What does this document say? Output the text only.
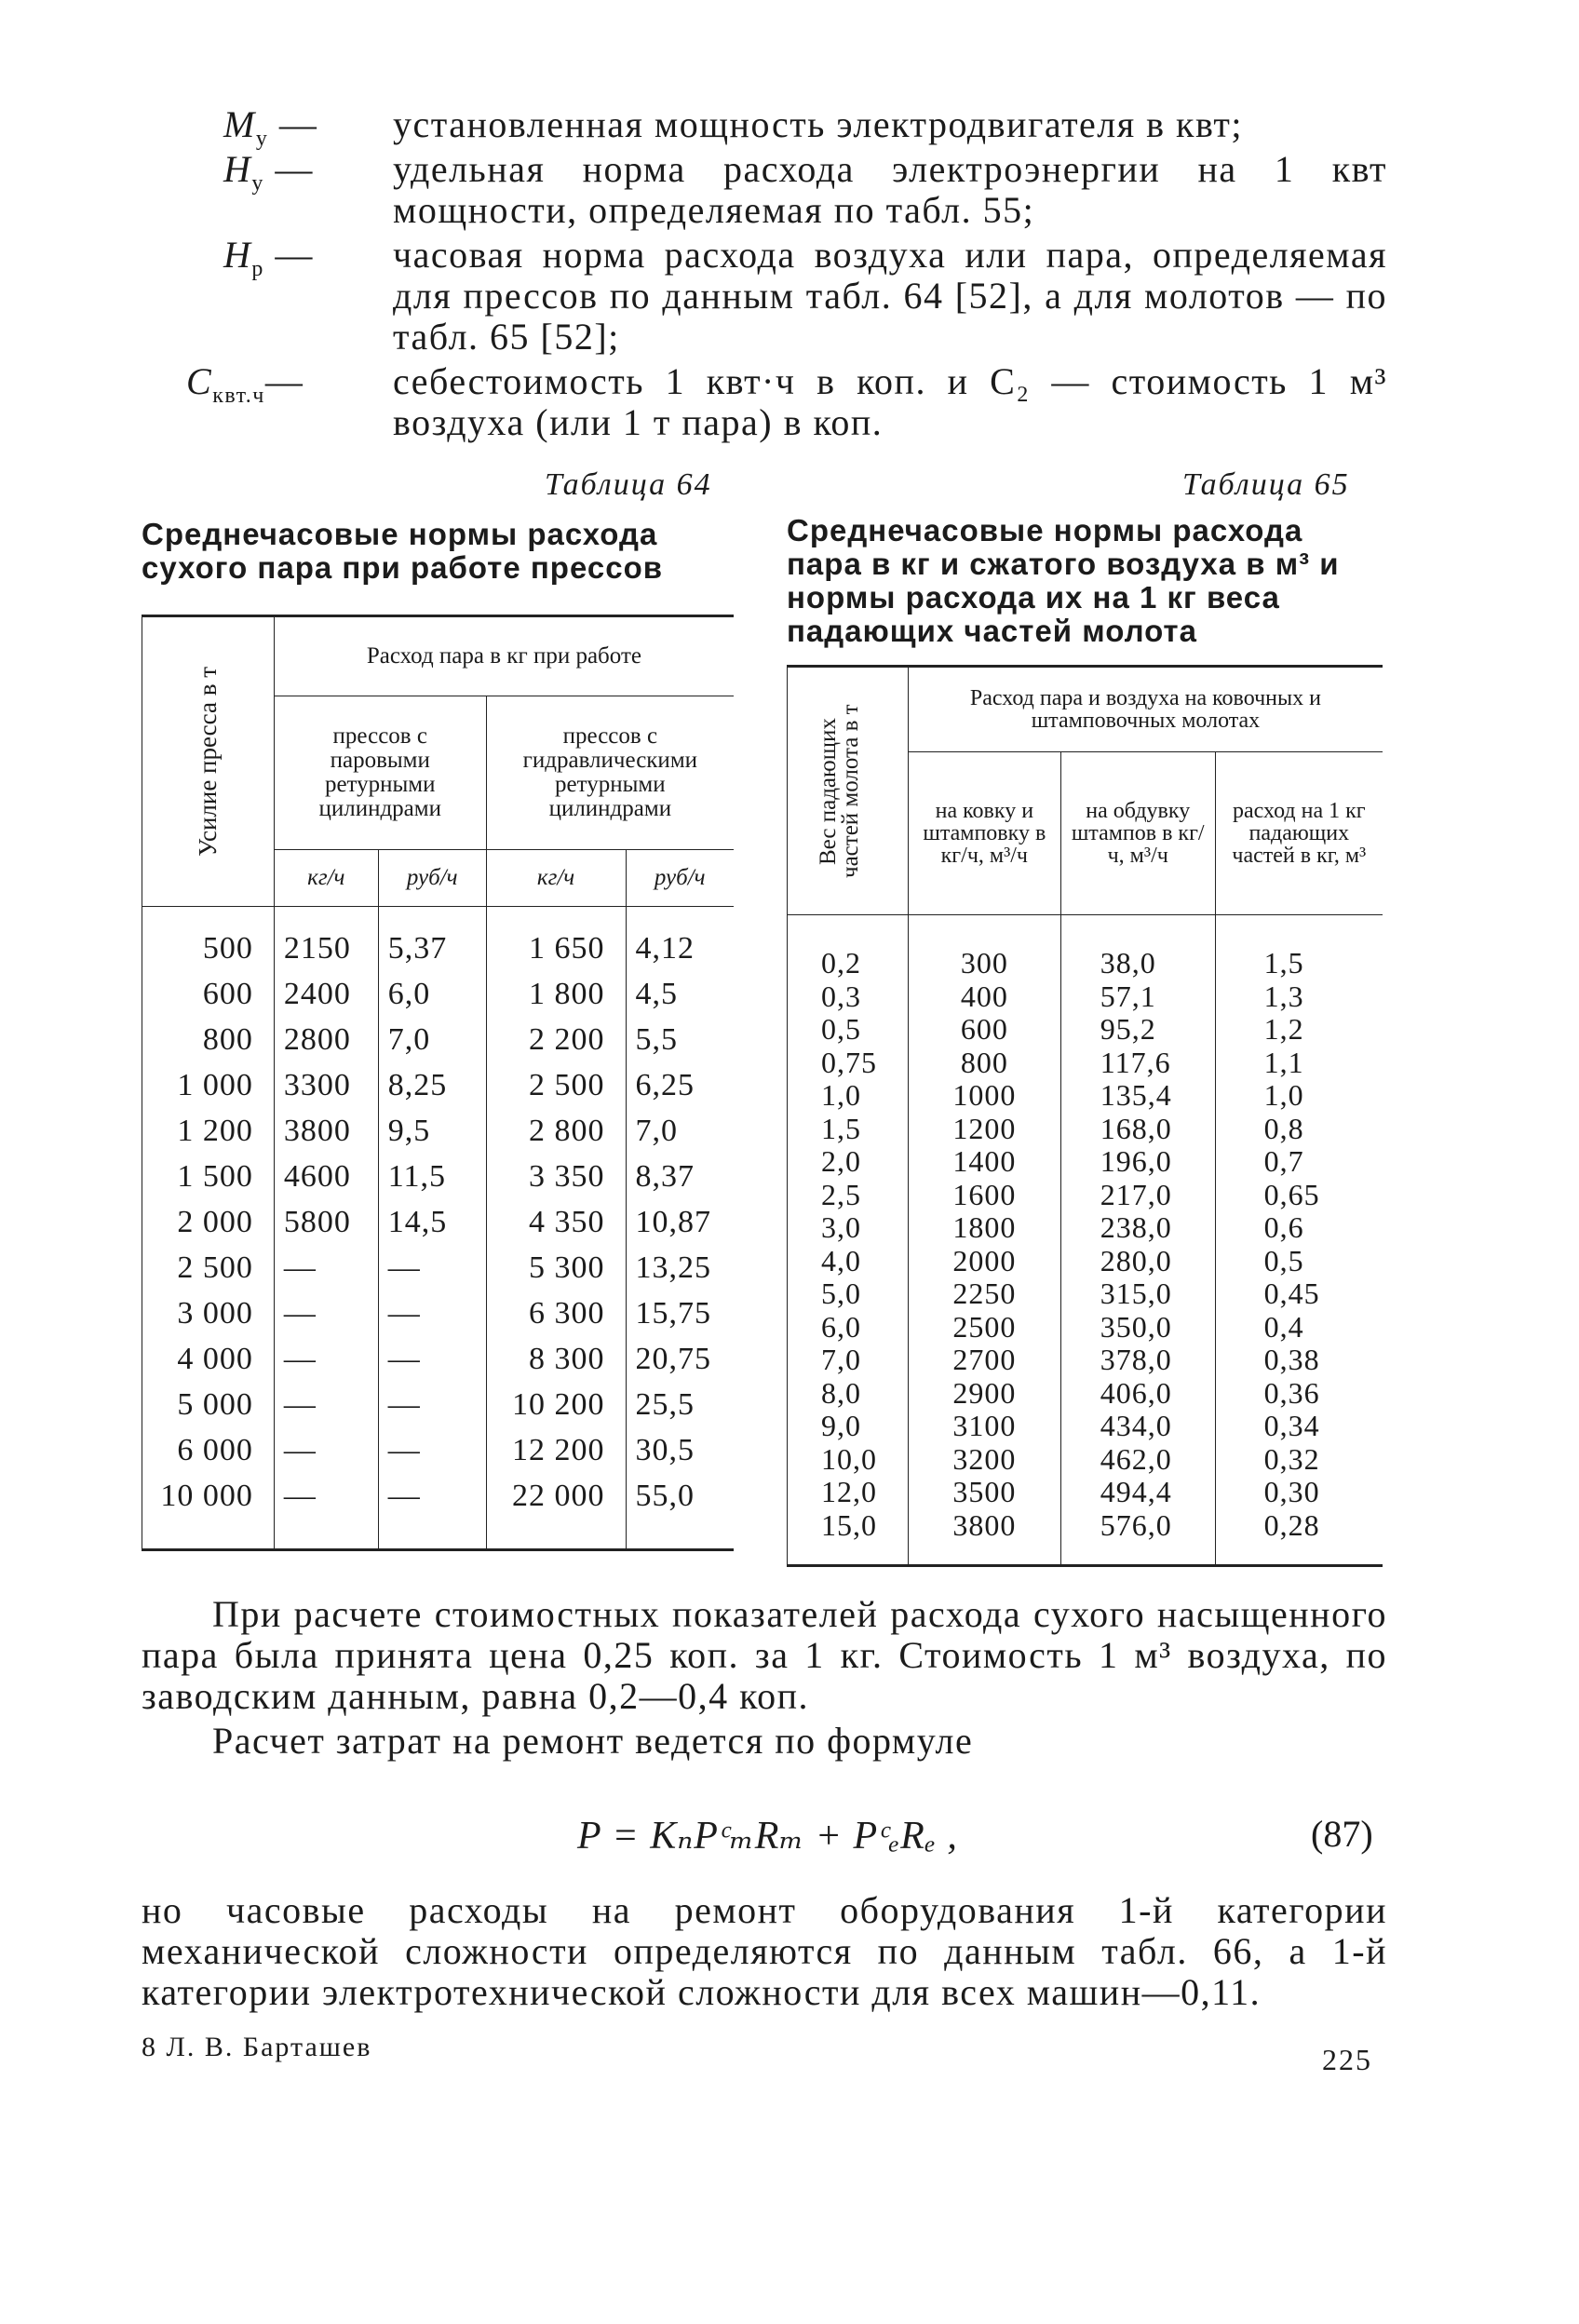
$M_у$ —	установленная мощность электродвигателя в квт;
$Н_у$ —	удельная норма расхода электроэнергии на 1 квт мощности, определяемая по табл. 55;
$Н_р$ —	часовая норма расхода воздуха или пара, определяемая для прессов по данным табл. 64 [52], а для молотов — по табл. 65 [52];
$С_{квт.ч}—$	себестоимость 1 квт·ч в коп. и С₂ — стоимость 1 м³ воздуха (или 1 т пара) в коп.
Таблица 64
Среднечасовые нормы расхода сухого пара при работе прессов
Таблица 65
Среднечасовые нормы расхода пара в кг и сжатого воздуха в м³ и нормы расхода их на 1 кг веса падающих частей молота
Усилие пресса в т	Расход пара в кг при работе			
	прессов с паровыми ретурными цилиндрами		прессов с гидравлическими ретурными цилиндрами	
	кг/ч	руб/ч	кг/ч	руб/ч
500	2150	5,37	1 650	4,12
600	2400	6,0	1 800	4,5
800	2800	7,0	2 200	5,5
1 000	3300	8,25	2 500	6,25
1 200	3800	9,5	2 800	7,0
1 500	4600	11,5	3 350	8,37
2 000	5800	14,5	4 350	10,87
2 500	—	—	5 300	13,25
3 000	—	—	6 300	15,75
4 000	—	—	8 300	20,75
5 000	—	—	10 200	25,5
6 000	—	—	12 200	30,5
10 000	—	—	22 000	55,0
Вес падающих частей молота в т	Расход пара и воздуха на ковочных и штамповочных молотах		
	на ковку и штамповку в кг/ч, м³/ч	на обдувку штампов в кг/ч, м³/ч	расход на 1 кг падающих частей в кг, м³
0,2	300	38,0	1,5
0,3	400	57,1	1,3
0,5	600	95,2	1,2
0,75	800	117,6	1,1
1,0	1000	135,4	1,0
1,5	1200	168,0	0,8
2,0	1400	196,0	0,7
2,5	1600	217,0	0,65
3,0	1800	238,0	0,6
4,0	2000	280,0	0,5
5,0	2250	315,0	0,45
6,0	2500	350,0	0,4
7,0	2700	378,0	0,38
8,0	2900	406,0	0,36
9,0	3100	434,0	0,34
10,0	3200	462,0	0,32
12,0	3500	494,4	0,30
15,0	3800	576,0	0,28
При расчете стоимостных показателей расхода сухого насыщенного пара была принята цена 0,25 коп. за 1 кг. Стоимость 1 м³ воздуха, по заводским данным, равна 0,2—0,4 коп.
Расчет затрат на ремонт ведется по формуле
P = KₙPᶜₘRₘ + PᶜₑRₑ ,	(87)
но часовые расходы на ремонт оборудования 1-й категории механической сложности определяются по данным табл. 66, а 1-й категории электротехнической сложности для всех машин—0,11.
8 Л. В. Барташев	225
